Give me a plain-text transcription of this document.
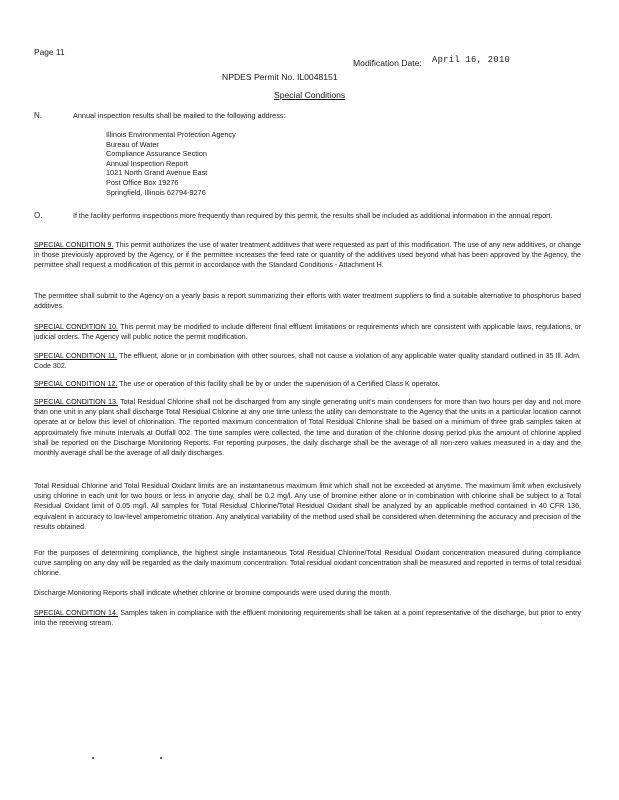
Page 11
Modification Date: April 16, 2010
NPDES Permit No. IL0048151
Special Conditions
N.	Annual inspection results shall be mailed to the following address:
Illinois Environmental Protection Agency
Bureau of Water
Compliance Assurance Section
Annual Inspection Report
1021 North Grand Avenue East
Post Office Box 19276
Springfield, Illinois 62794-9276
O.	If the facility performs inspections more frequently than required by this permit, the results shall be included as additional information in the annual report.
SPECIAL CONDITION 9. This permit authorizes the use of water treatment additives that were requested as part of this modification. The use of any new additives, or change in those previously approved by the Agency, or if the permittee increases the feed rate or quantity of the additives used beyond what has been approved by the Agency, the permittee shall request a modification of this permit in accordance with the Standard Conditions - Attachment H.
The permittee shall submit to the Agency on a yearly basis a report summarizing their efforts with water treatment suppliers to find a suitable alternative to phosphorus based additives.
SPECIAL CONDITION 10. This permit may be modified to include different final effluent limitations or requirements which are consistent with applicable laws, regulations, or judicial orders. The Agency will public notice the permit modification.
SPECIAL CONDITION 11. The effluent, alone or in combination with other sources, shall not cause a violation of any applicable water quality standard outlined in 35 Ill. Adm. Code 302.
SPECIAL CONDITION 12. The use or operation of this facility shall be by or under the supervision of a Certified Class K operator.
SPECIAL CONDITION 13. Total Residual Chlorine shall not be discharged from any single generating unit's main condensers for more than two hours per day and not more than one unit in any plant shall discharge Total Residual Chlorine at any one time unless the utility can demonstrate to the Agency that the units in a particular location cannot operate at or below this level of chlorination. The reported maximum concentration of Total Residual Chlorine shall be based on a minimum of three grab samples taken at approximately five minute intervals at Outfall 002. The time samples were collected, the time and duration of the chlorine dosing period plus the amount of chlorine applied shall be reported on the Discharge Monitoring Reports. For reporting purposes, the daily discharge shall be the average of all non-zero values measured in a day and the monthly average shall be the average of all daily discharges.
Total Residual Chlorine and Total Residual Oxidant limits are an instantaneous maximum limit which shall not be exceeded at anytime. The maximum limit when exclusively using chlorine in each unit for two hours or less in anyone day, shall be 0.2 mg/l. Any use of bromine either alone or in combination with chlorine shall be subject to a Total Residual Oxidant limit of 0.05 mg/l. All samples for Total Residual Chlorine/Total Residual Oxidant shall be analyzed by an applicable method contained in 40 CFR 136, equivalent in accuracy to low-level amperometric titration. Any analytical variability of the method used shall be considered when determining the accuracy and precision of the results obtained.
For the purposes of determining compliance, the highest single instantaneous Total Residual Chlorine/Total Residual Oxidant concentration measured during compliance curve sampling on any day will be regarded as the daily maximum concentration. Total residual oxidant concentration shall be measured and reported in terms of total residual chlorine.
Discharge Monitoring Reports shall indicate whether chlorine or bromine compounds were used during the month.
SPECIAL CONDITION 14. Samples taken in compliance with the effluent monitoring requirements shall be taken at a point representative of the discharge, but prior to entry into the receiving stream.
